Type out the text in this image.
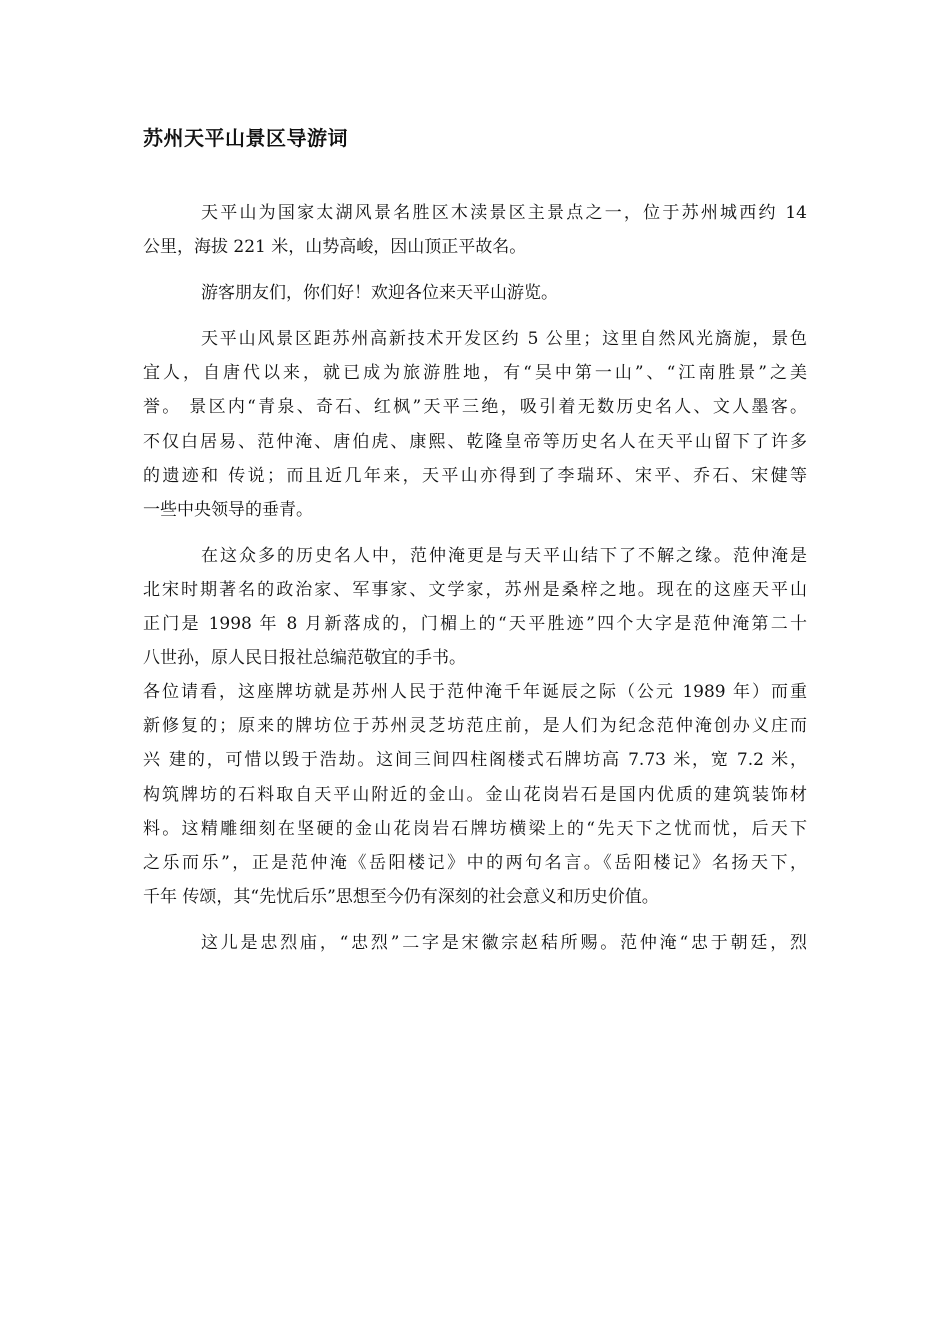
苏州天平山景区导游词
天平山为国家太湖风景名胜区木渎景区主景点之一，位于苏州城西约 14
公里，海拔 221 米，山势高峻，因山顶正平故名。
游客朋友们，你们好！欢迎各位来天平山游览。
天平山风景区距苏州高新技术开发区约 5 公里；这里自然风光旖旎，景色
宜人，自唐代以来，就已成为旅游胜地，有“吴中第一山”、“江南胜景”之美
誉。 景区内“青泉、奇石、红枫”天平三绝，吸引着无数历史名人、文人墨客。
不仅白居易、范仲淹、唐伯虎、康熙、乾隆皇帝等历史名人在天平山留下了许多
的遗迹和 传说；而且近几年来，天平山亦得到了李瑞环、宋平、乔石、宋健等
一些中央领导的垂青。
在这众多的历史名人中，范仲淹更是与天平山结下了不解之缘。范仲淹是
北宋时期著名的政治家、军事家、文学家，苏州是桑梓之地。现在的这座天平山
正门是 1998 年 8 月新落成的，门楣上的“天平胜迹”四个大字是范仲淹第二十
八世孙，原人民日报社总编范敬宜的手书。
各位请看，这座牌坊就是苏州人民于范仲淹千年诞辰之际（公元 1989 年）而重
新修复的；原来的牌坊位于苏州灵芝坊范庄前，是人们为纪念范仲淹创办义庄而
兴 建的，可惜以毁于浩劫。这间三间四柱阁楼式石牌坊高 7.73 米，宽 7.2 米，
构筑牌坊的石料取自天平山附近的金山。金山花岗岩石是国内优质的建筑装饰材
料。这精雕细刻在坚硬的金山花岗岩石牌坊横梁上的“先天下之忧而忧，后天下
之乐而乐”，正是范仲淹《岳阳楼记》中的两句名言。《岳阳楼记》名扬天下，
千年 传颂，其“先忧后乐”思想至今仍有深刻的社会意义和历史价值。
这儿是忠烈庙，“忠烈”二字是宋徽宗赵秸所赐。范仲淹“忠于朝廷，烈
